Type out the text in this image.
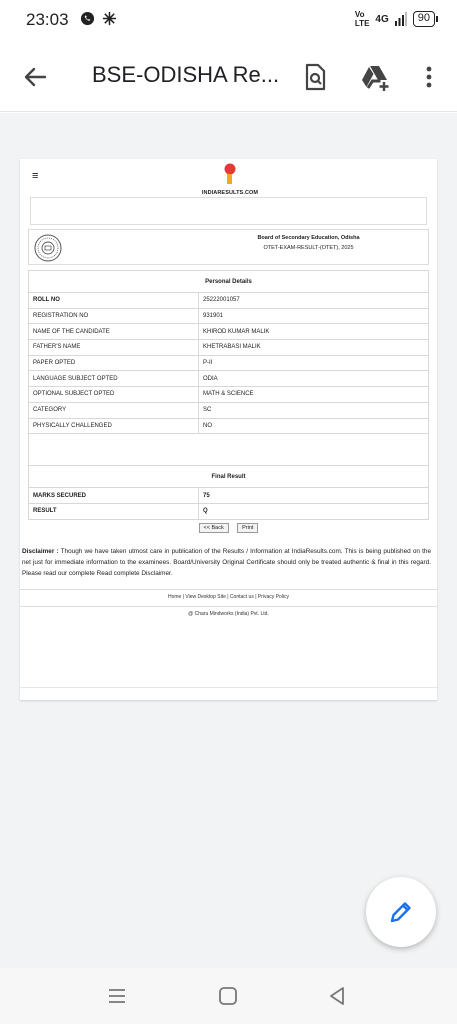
23:03	Vo
LTE 4G	90
BSE-ODISHA Re...
≡
INDIARESULTS.COM
Board of Secondary Education, Odisha
OTET-EXAM-RESULT-(OTET), 2025
Personal Details	
ROLL NO	25222001057
REGISTRATION NO	931901
NAME OF THE CANDIDATE	KHIROD KUMAR MALIK
FATHER'S NAME	KHETRABASI MALIK
PAPER OPTED	P-II
LANGUAGE SUBJECT OPTED	ODIA
OPTIONAL SUBJECT OPTED	MATH & SCIENCE
CATEGORY	SC
PHYSICALLY CHALLENGED	NO

Final Result	
MARKS SECURED	75
RESULT	Q
<< Back	Print
Disclaimer : Though we have taken utmost care in publication of the Results / Information at IndiaResults.com. This is being published on the net just for immediate information to the examinees. Board/University Original Certificate should only be treated authentic & final in this regard. Please read our complete Read complete Disclaimer.
Home | View Desktop Site | Contact us | Privacy Policy
@ Charu Mindworks (India) Pvt. Ltd.
